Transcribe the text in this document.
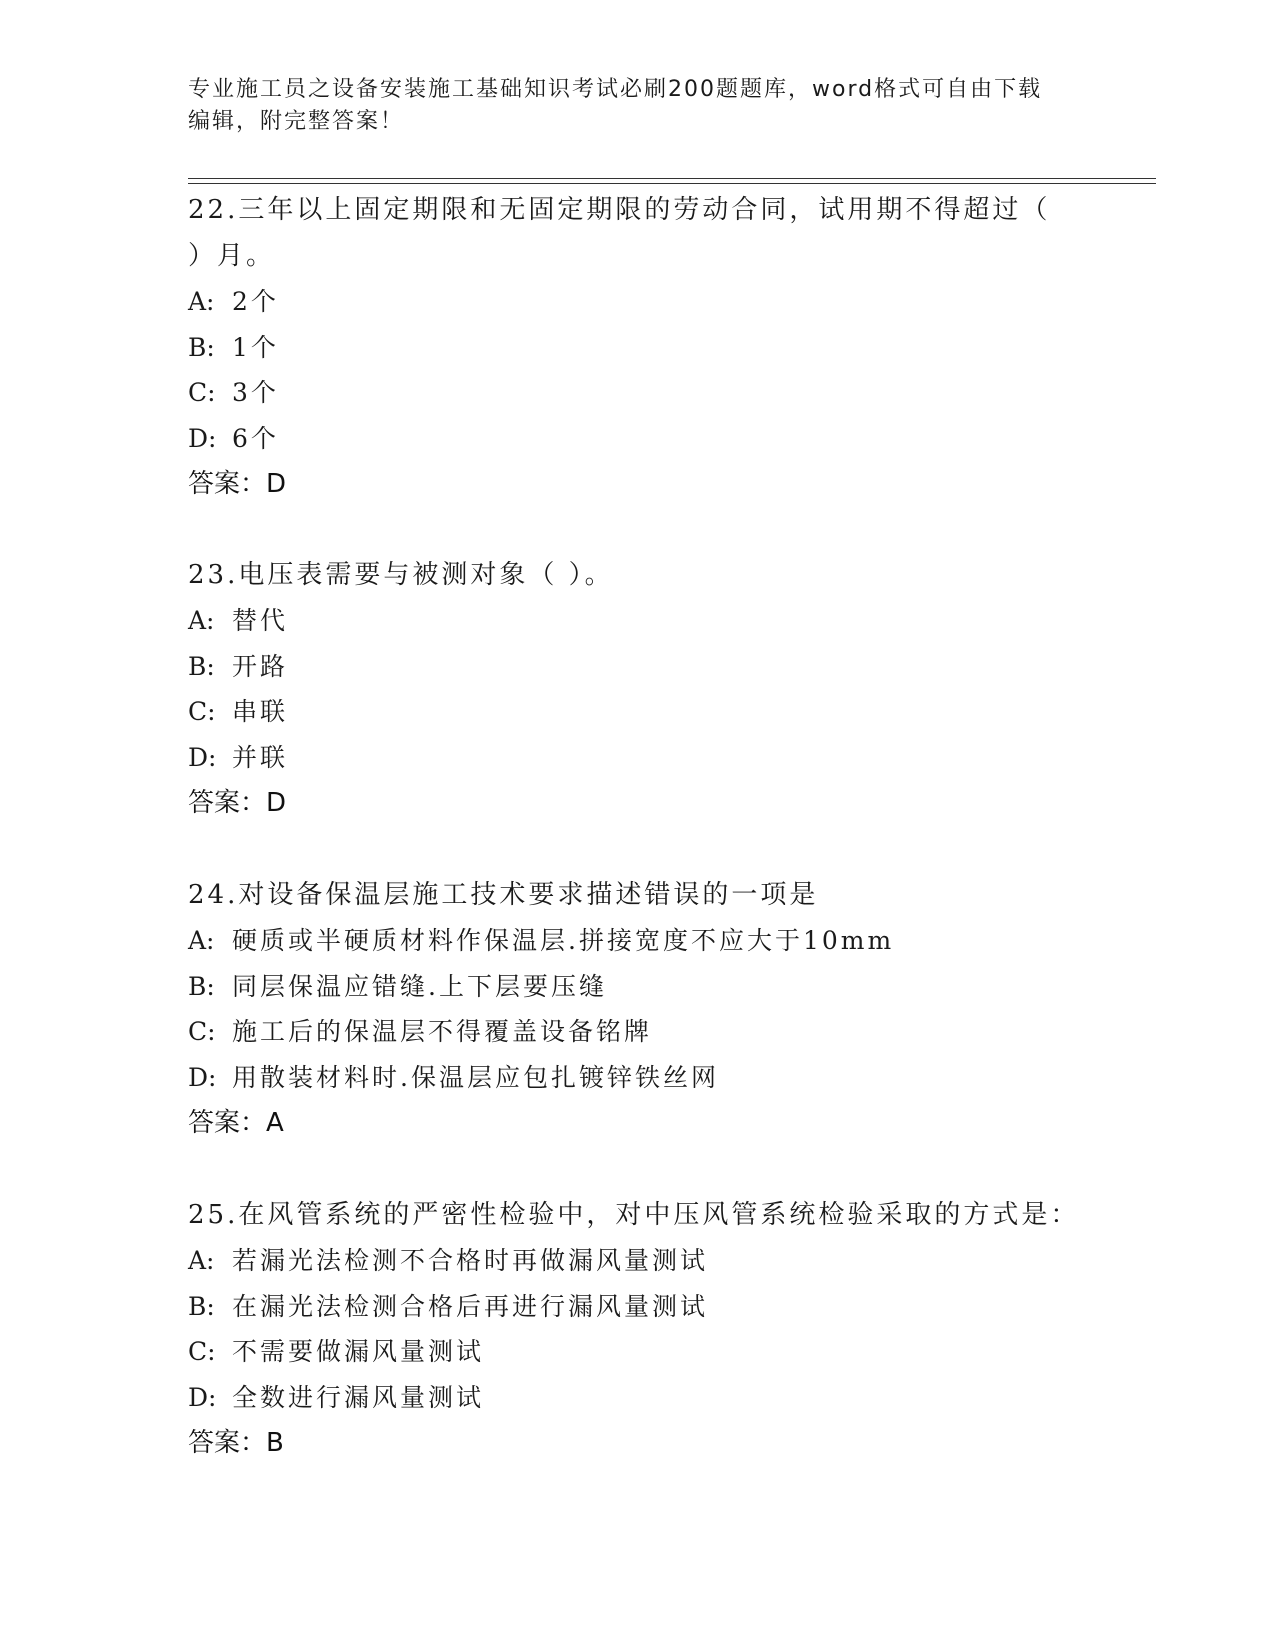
专业施工员之设备安装施工基础知识考试必刷200题题库，word格式可自由下载
编辑，附完整答案！
22.三年以上固定期限和无固定期限的劳动合同，试用期不得超过（
）月。
A: 2个
B: 1个
C: 3个
D: 6个
答案：D
23.电压表需要与被测对象（ ）。
A: 替代
B: 开路
C: 串联
D: 并联
答案：D
24.对设备保温层施工技术要求描述错误的一项是
A: 硬质或半硬质材料作保温层.拼接宽度不应大于10mm
B: 同层保温应错缝.上下层要压缝
C: 施工后的保温层不得覆盖设备铭牌
D: 用散装材料时.保温层应包扎镀锌铁丝网
答案：A
25.在风管系统的严密性检验中，对中压风管系统检验采取的方式是：
A: 若漏光法检测不合格时再做漏风量测试
B: 在漏光法检测合格后再进行漏风量测试
C: 不需要做漏风量测试
D: 全数进行漏风量测试
答案：B
